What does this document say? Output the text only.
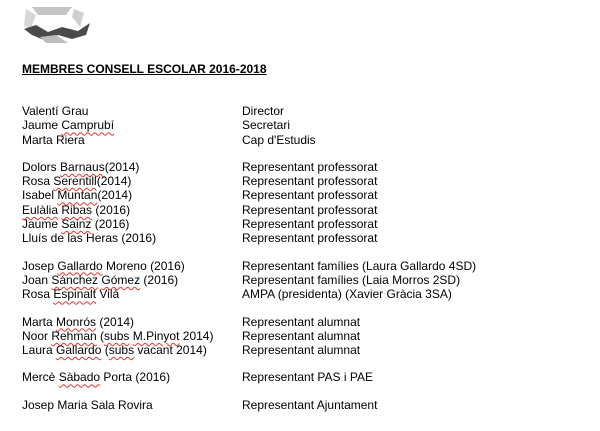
MEMBRES CONSELL ESCOLAR 2016-2018
Valentí Grau	Director
Jaume Camprubí	Secretari
Marta Riera	Cap d'Estudis
Dolors Barnaus(2014)	Representant professorat
Rosa Serentill(2014)	Representant professorat
Isabel Muntan(2014)	Representant professorat
Eulàlia Ribas (2016)	Representant professorat
Jaume Sainz (2016)	Representant professorat
Lluís de las Heras (2016)	Representant professorat
Josep Gallardo Moreno (2016)	Representant famílies (Laura Gallardo 4SD)
Joan Sánchez Gómez (2016)	Representant famílies (Laia Morros 2SD)
Rosa Espinalt Vilà	AMPA (presidenta) (Xavier Gràcia 3SA)
Marta Monrós (2014)	Representant alumnat
Noor Rehman (subs M.Pinyot 2014)	Representant alumnat
Laura Gallardo (subs vacant 2014)	Representant alumnat
Mercè Sàbado Porta (2016)	Representant PAS i PAE
Josep Maria Sala Rovira	Representant Ajuntament
